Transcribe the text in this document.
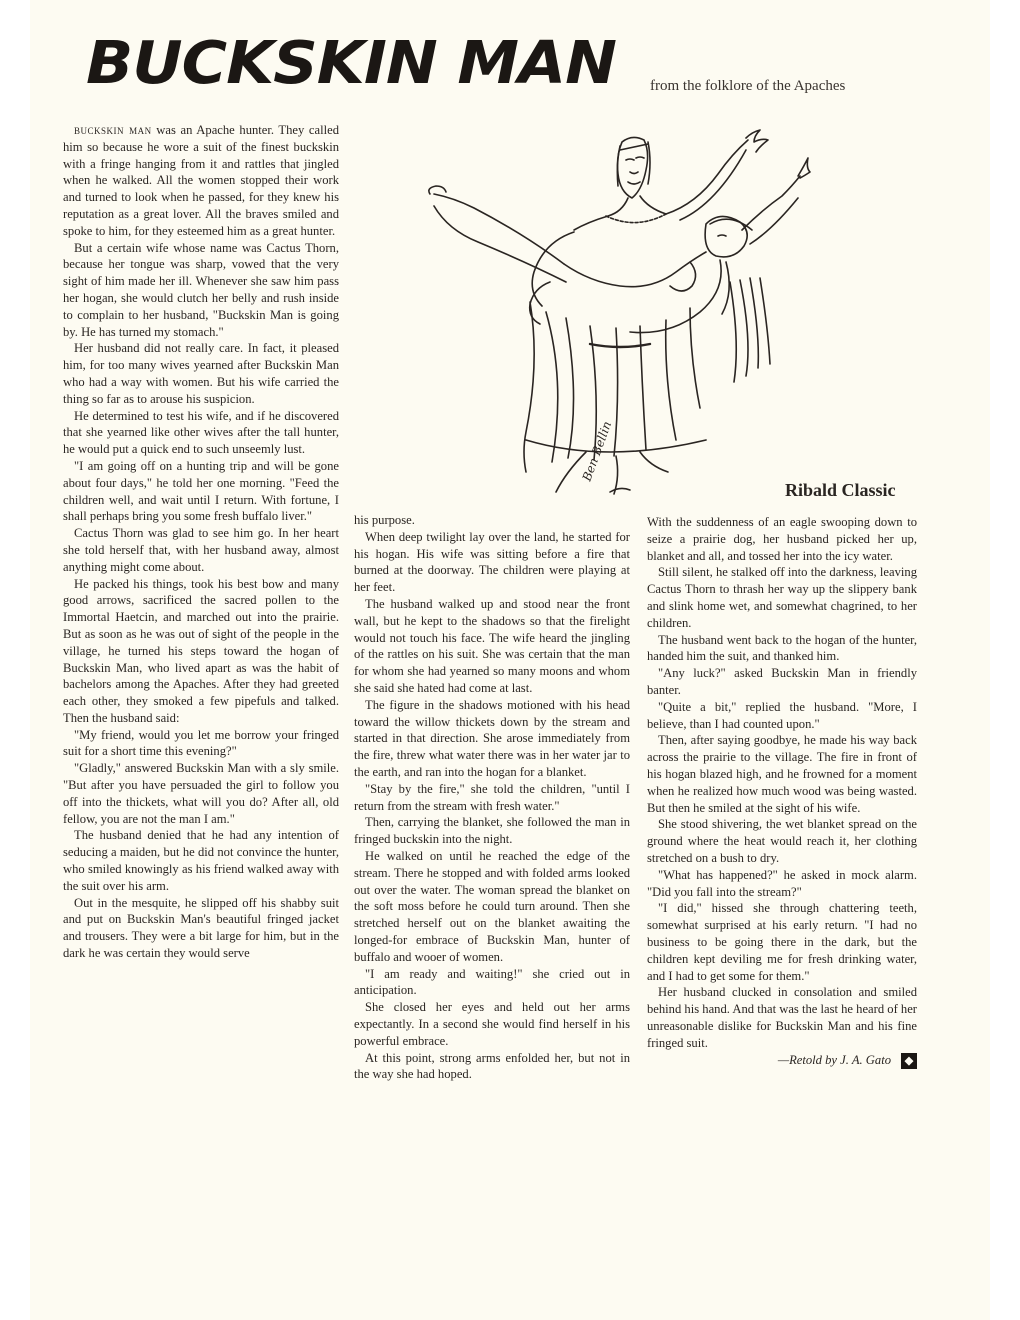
BUCKSKIN MAN from the folklore of the Apaches
Ben Bellin
Ribald Classic

buckskin man was an Apache hunter. They called him so because he wore a suit of the finest buckskin with a fringe hanging from it and rattles that jingled when he walked. All the women stopped their work and turned to look when he passed, for they knew his reputation as a great lover. All the braves smiled and spoke to him, for they esteemed him as a great hunter.

But a certain wife whose name was Cactus Thorn, because her tongue was sharp, vowed that the very sight of him made her ill. Whenever she saw him pass her hogan, she would clutch her belly and rush inside to complain to her husband, "Buckskin Man is going by. He has turned my stomach."

Her husband did not really care. In fact, it pleased him, for too many wives yearned after Buckskin Man who had a way with women. But his wife carried the thing so far as to arouse his suspicion.

He determined to test his wife, and if he discovered that she yearned like other wives after the tall hunter, he would put a quick end to such unseemly lust.

"I am going off on a hunting trip and will be gone about four days," he told her one morning. "Feed the children well, and wait until I return. With fortune, I shall perhaps bring you some fresh buffalo liver."

Cactus Thorn was glad to see him go. In her heart she told herself that, with her husband away, almost anything might come about.

He packed his things, took his best bow and many good arrows, sacrificed the sacred pollen to the Immortal Haetcin, and marched out into the prairie. But as soon as he was out of sight of the people in the village, he turned his steps toward the hogan of Buckskin Man, who lived apart as was the habit of bachelors among the Apaches. After they had greeted each other, they smoked a few pipefuls and talked. Then the husband said:

"My friend, would you let me borrow your fringed suit for a short time this evening?"

"Gladly," answered Buckskin Man with a sly smile. "But after you have persuaded the girl to follow you off into the thickets, what will you do? After all, old fellow, you are not the man I am."

The husband denied that he had any intention of seducing a maiden, but he did not convince the hunter, who smiled knowingly as his friend walked away with the suit over his arm.

Out in the mesquite, he slipped off his shabby suit and put on Buckskin Man's beautiful fringed jacket and trousers. They were a bit large for him, but in the dark he was certain they would serve

his purpose.

When deep twilight lay over the land, he started for his hogan. His wife was sitting before a fire that burned at the doorway. The children were playing at her feet.

The husband walked up and stood near the front wall, but he kept to the shadows so that the firelight would not touch his face. The wife heard the jingling of the rattles on his suit. She was certain that the man for whom she had yearned so many moons and whom she said she hated had come at last.

The figure in the shadows motioned with his head toward the willow thickets down by the stream and started in that direction. She arose immediately from the fire, threw what water there was in her water jar to the earth, and ran into the hogan for a blanket.

"Stay by the fire," she told the children, "until I return from the stream with fresh water."

Then, carrying the blanket, she followed the man in fringed buckskin into the night.

He walked on until he reached the edge of the stream. There he stopped and with folded arms looked out over the water. The woman spread the blanket on the soft moss before he could turn around. Then she stretched herself out on the blanket awaiting the longed-for embrace of Buckskin Man, hunter of buffalo and wooer of women.

"I am ready and waiting!" she cried out in anticipation.

She closed her eyes and held out her arms expectantly. In a second she would find herself in his powerful embrace.

At this point, strong arms enfolded her, but not in the way she had hoped.

With the suddenness of an eagle swooping down to seize a prairie dog, her husband picked her up, blanket and all, and tossed her into the icy water.

Still silent, he stalked off into the darkness, leaving Cactus Thorn to thrash her way up the slippery bank and slink home wet, and somewhat chagrined, to her children.

The husband went back to the hogan of the hunter, handed him the suit, and thanked him.

"Any luck?" asked Buckskin Man in friendly banter.

"Quite a bit," replied the husband. "More, I believe, than I had counted upon."

Then, after saying goodbye, he made his way back across the prairie to the village. The fire in front of his hogan blazed high, and he frowned for a moment when he realized how much wood was being wasted. But then he smiled at the sight of his wife.

She stood shivering, the wet blanket spread on the ground where the heat would reach it, her clothing stretched on a bush to dry.

"What has happened?" he asked in mock alarm. "Did you fall into the stream?"

"I did," hissed she through chattering teeth, somewhat surprised at his early return. "I had no business to be going there in the dark, but the children kept deviling me for fresh drinking water, and I had to get some for them."

Her husband clucked in consolation and smiled behind his hand. And that was the last he heard of her unreasonable dislike for Buckskin Man and his fine fringed suit.

—Retold by J. A. Gato ◆
